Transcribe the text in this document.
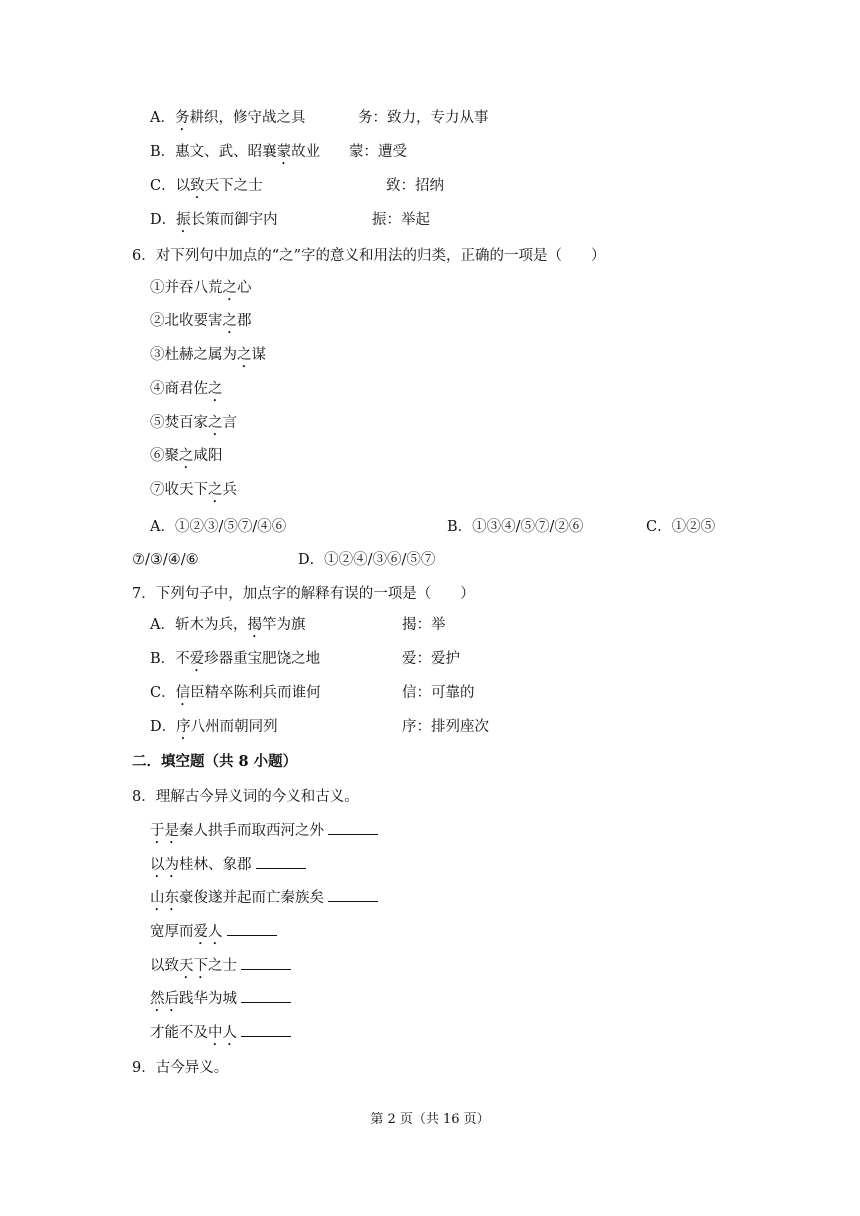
6．对下列句中加点的“之”字的意义和用法的归类，正确的一项是（　　）
A．①②③/⑤⑦/④⑥	B．①③④/⑤⑦/②⑥	C．①②⑤
⑦/③/④/⑥	D．①②④/③⑥/⑤⑦
7．下列句子中，加点字的解释有误的一项是（　　）
二．填空题（共 8 小题）
8．理解古今异义词的今义和古义。
9．古今异义。
第 2 页（共 16 页）
A．务耕织，修守战之具	务：致力，专力从事
B．惠文、武、昭襄蒙故业 蒙：遭受
C．以致天下之士	致：招纳
D．振长策而御宇内	振：举起
①并吞八荒之心
②北收要害之郡
③杜赫之属为之谋
④商君佐之
⑤焚百家之言
⑥聚之咸阳
⑦收天下之兵
A．斩木为兵，揭竿为旗	揭：举
B．不爱珍器重宝肥饶之地	爱：爱护
C．信臣精卒陈利兵而谁何	信：可靠的
D．序八州而朝同列	序：排列座次
于是秦人拱手而取西河之外
以为桂林、象郡
山东豪俊遂并起而亡秦族矣
宽厚而爱人
以致天下之士
然后践华为城
才能不及中人
